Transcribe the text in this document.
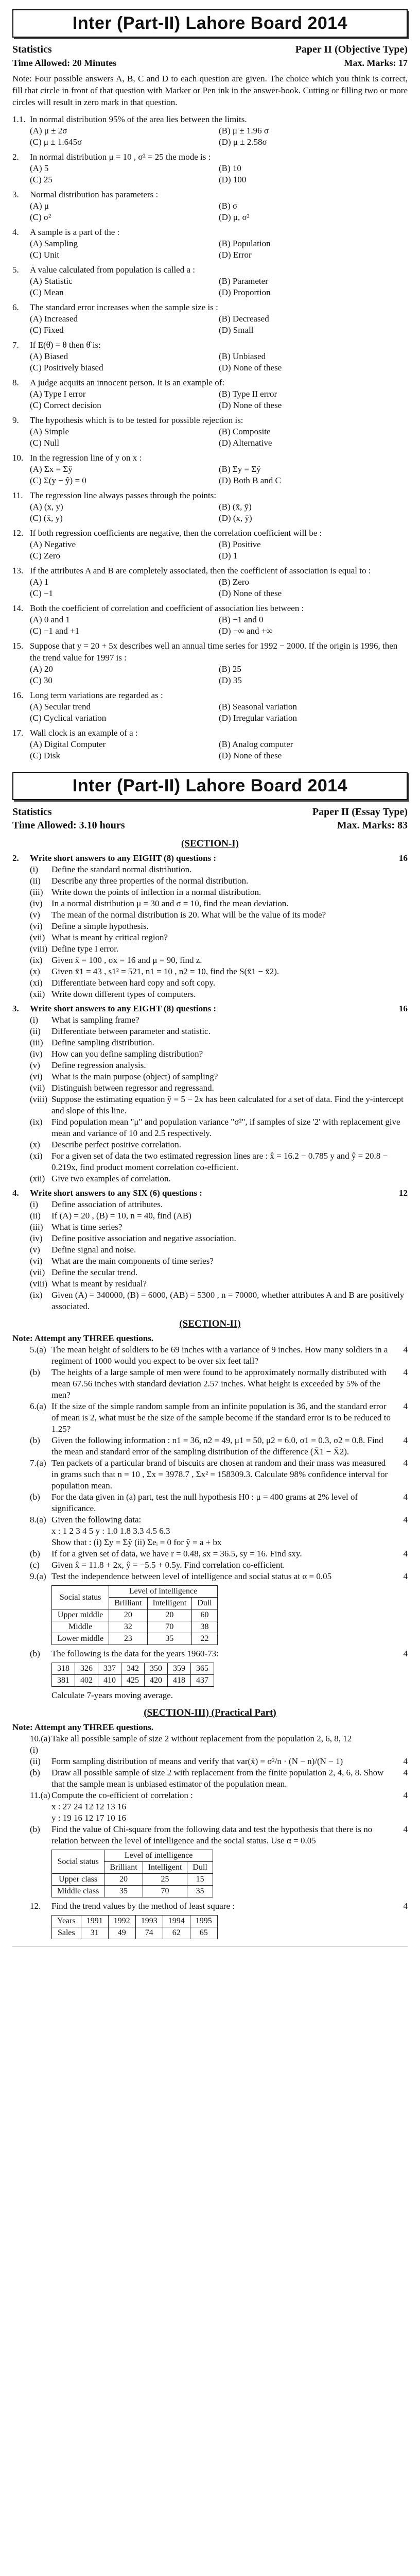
Inter (Part-II) Lahore Board 2014
Statistics	Paper II (Objective Type)
Time Allowed: 20 Minutes	Max. Marks: 17
Note: Four possible answers A, B, C and D to each question are given. The choice which you think is correct, fill that circle in front of that question with Marker or Pen ink in the answer-book. Cutting or filling two or more circles will result in zero mark in that question.
1.1. In normal distribution 95% of the area lies between the limits.
(A) μ ± 2σ	(B) μ ± 1.96 σ
(C) μ ± 1.645σ	(D) μ ± 2.58σ
2.	In normal distribution μ = 10 , σ² = 25 the mode is :
(A) 5	(B) 10
(C) 25	(D) 100
3.	Normal distribution has parameters :
(A) μ	(B) σ
(C) σ²	(D) μ, σ²
4.	A sample is a part of the :
(A) Sampling	(B) Population
(C) Unit	(D) Error
5.	A value calculated from population is called a :
(A) Statistic	(B) Parameter
(C) Mean	(D) Proportion
6.	The standard error increases when the sample size is :
(A) Increased	(B) Decreased
(C) Fixed	(D) Small
7.	If E(θ̂) = θ then θ̂ is:
(A) Biased	(B) Unbiased
(C) Positively biased	(D) None of these
8.	A judge acquits an innocent person. It is an example of:
(A) Type I error	(B) Type II error
(C) Correct decision	(D) None of these
9.	The hypothesis which is to be tested for possible rejection is:
(A) Simple	(B) Composite
(C) Null	(D) Alternative
10. In the regression line of y on x :
(A) Σx = Σŷ	(B) Σy = Σŷ
(C) Σ(y − ŷ) = 0	(D) Both B and C
11. The regression line always passes through the points:
(A) (x, y)	(B) (x̄, ȳ)
(C) (x̄, y)	(D) (x, ȳ)
12. If both regression coefficients are negative, then the correlation coefficient will be :
(A) Negative	(B) Positive
(C) Zero	(D) 1
13. If the attributes A and B are completely associated, then the coefficient of association is equal to :
(A) 1	(B) Zero
(C) −1	(D) None of these
14. Both the coefficient of correlation and coefficient of association lies between :
(A) 0 and 1	(B) −1 and 0
(C) −1 and +1	(D) −∞ and +∞
15. Suppose that y = 20 + 5x describes well an annual time series for 1992 − 2000. If the origin is 1996, then the trend value for 1997 is :
(A) 20	(B) 25
(C) 30	(D) 35
16. Long term variations are regarded as :
(A) Secular trend	(B) Seasonal variation
(C) Cyclical variation	(D) Irregular variation
17. Wall clock is an example of a :
(A) Digital Computer	(B) Analog computer
(C) Disk	(D) None of these
Inter (Part-II) Lahore Board 2014
Statistics	Paper II (Essay Type)
Time Allowed: 3.10 hours	Max. Marks: 83
(SECTION-I)
2.	Write short answers to any EIGHT (8) questions :	16
(i)	Define the standard normal distribution.
(ii)	Describe any three properties of the normal distribution.
(iii) Write down the points of inflection in a normal distribution.
(iv)	In a normal distribution μ = 30 and σ = 10, find the mean deviation.
(v)	The mean of the normal distribution is 20. What will be the value of its mode?
(vi)	Define a simple hypothesis.
(vii) What is meant by critical region?
(viii) Define type I error.
(ix)	Given x̄ = 100 , σx = 16 and μ = 90, find z.
(x)	Given x̄1 = 43 , s1² = 521, n1 = 10 , n2 = 10, find the S(x̄1 − x̄2).
(xi)	Differentiate between hard copy and soft copy.
(xii) Write down different types of computers.
3.	Write short answers to any EIGHT (8) questions :	16
(i)	What is sampling frame?
(ii)	Differentiate between parameter and statistic.
(iii) Define sampling distribution.
(iv)	How can you define sampling distribution?
(v)	Define regression analysis.
(vi)	What is the main purpose (object) of sampling?
(vii) Distinguish between regressor and regressand.
(viii) Suppose the estimating equation ŷ = 5 − 2x has been calculated for a set of data. Find the y-intercept and slope of this line.
(ix)	Find population mean "μ" and population variance "σ²", if samples of size '2' with replacement give mean and variance of 10 and 2.5 respectively.
(x)	Describe perfect positive correlation.
(xi)	For a given set of data the two estimated regression lines are : x̂ = 16.2 − 0.785 y and ŷ = 20.8 − 0.219x, find product moment correlation co-efficient.
(xii) Give two examples of correlation.
4.	Write short answers to any SIX (6) questions :	12
(i)	Define association of attributes.
(ii)	If (A) = 20 , (B) = 10, n = 40, find (AB)
(iii) What is time series?
(iv)	Define positive association and negative association.
(v)	Define signal and noise.
(vi)	What are the main components of time series?
(vii) Define the secular trend.
(viii) What is meant by residual?
(ix)	Given (A) = 340000, (B) = 6000, (AB) = 5300 , n = 70000, whether attributes A and B are positively associated.
(SECTION-II)
Note: Attempt any THREE questions.
5.(a) The mean height of soldiers to be 69 inches with a variance of 9 inches. How many soldiers in a regiment of 1000 would you expect to be over six feet tall?
4
(b)	The heights of a large sample of men were found to be approximately normally distributed with mean 67.56 inches with standard deviation 2.57 inches. What height is exceeded by 5% of the men?
4
6.(a) If the size of the simple random sample from an infinite population is 36, and the standard error of mean is 2, what must be the size of the sample become if the standard error is to be reduced to 1.25?
4
(b)	Given the following information : n1 = 36, n2 = 49, μ1 = 50, μ2 = 6.0, σ1 = 0.3, σ2 = 0.8. Find the mean and standard error of the sampling distribution of the difference (X̄1 − X̄2).
4
7.(a) Ten packets of a particular brand of biscuits are chosen at random and their mass was measured in grams such that n = 10 , Σx = 3978.7 , Σx² = 158309.3. Calculate 98% confidence interval for population mean.
4
(b)	For the data given in (a) part, test the null hypothesis H0 : μ = 400 grams at 2% level of significance.
4
8.(a) Given the following data:	4
x : 1 2 3 4 5 y : 1.0 1.8 3.3 4.5 6.3
Show that : (i) Σy = Σŷ (ii) Σeᵢ = 0 for ŷ = a + bx
(b)	If for a given set of data, we have r = 0.48, sx = 36.5, sy = 16. Find sxy.	4
(c)	Given x̂ = 11.8 + 2x, ŷ = −5.5 + 0.5y. Find correlation co-efficient.
9.(a) Test the independence between level of intelligence and social status at α = 0.05	4
Social status	Level of intelligence		
	Brilliant	Intelligent	Dull
Upper middle	20	20	60
Middle	32	70	38
Lower middle	23	35	22
(b)	The following is the data for the years 1960-73:	4
318	326	337	342	350	359	365
381	402	410	425	420	418	437
Calculate 7-years moving average.
(SECTION-III) (Practical Part)
Note: Attempt any THREE questions.
10.(a) (i)
Take all possible sample of size 2 without replacement from the population 2, 6, 8, 12
(ii)	Form sampling distribution of means and verify that var(x̄) = σ²/n · (N − n)/(N − 1)	4
(b)	Draw all possible sample of size 2 with replacement from the finite population 2, 4, 6, 8. Show that the sample mean is unbiased estimator of the population mean.
4
11.(a) Compute the co-efficient of correlation :	4
x : 27 24 12 12 13 16
y : 19 16 12 17 10 16
(b)	Find the value of Chi-square from the following data and test the hypothesis that there is no relation between the level of intelligence and the social status. Use α = 0.05
4
Social status	Level of intelligence		
	Brilliant	Intelligent	Dull
Upper class	20	25	15
Middle class	35	70	35
12.	Find the trend values by the method of least square :	4
Years	1991	1992	1993	1994	1995
Sales	31	49	74	62	65
